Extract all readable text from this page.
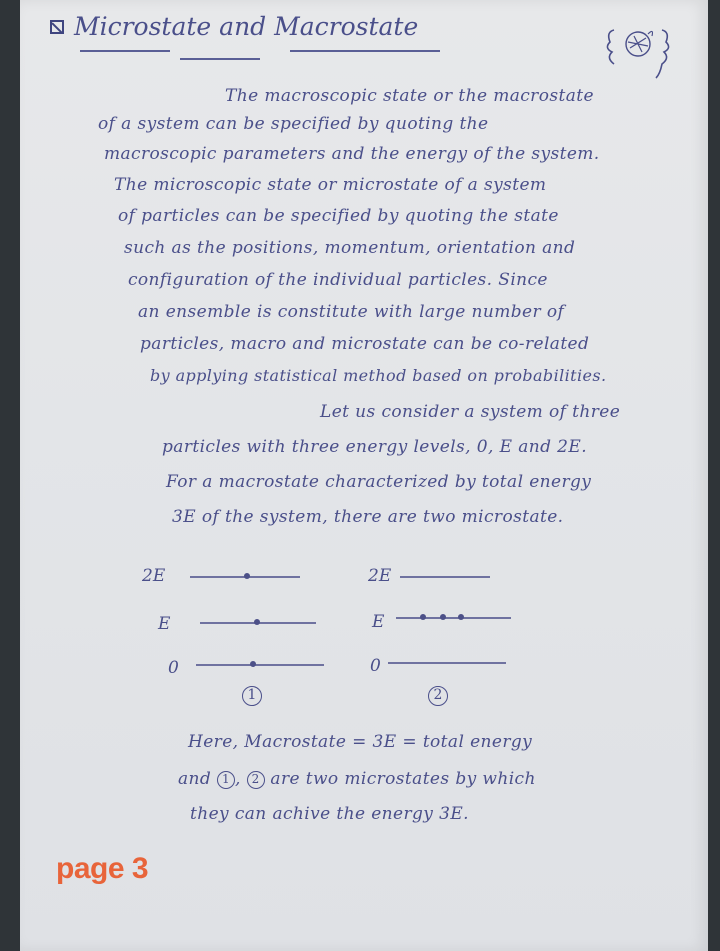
Microstate and Macrostate
The macroscopic state or the macrostate
of a system can be specified by quoting the
macroscopic parameters and the energy of the system.
The microscopic state or microstate of a system
of particles can be specified by quoting the state
such as the positions, momentum, orientation and
configuration of the individual particles. Since
an ensemble is constitute with large number of
particles, macro and microstate can be co-related
by applying statistical method based on probabilities.
Let us consider a system of three
particles with three energy levels, 0, E and 2E.
For a macrostate characterized by total energy
3E of the system, there are two microstate.
2E
E
0
1
2E
E
0
2
Here, Macrostate = 3E = total energy
and 1 , 2 are two microstates by which
they can achive the energy 3E.
page 3
